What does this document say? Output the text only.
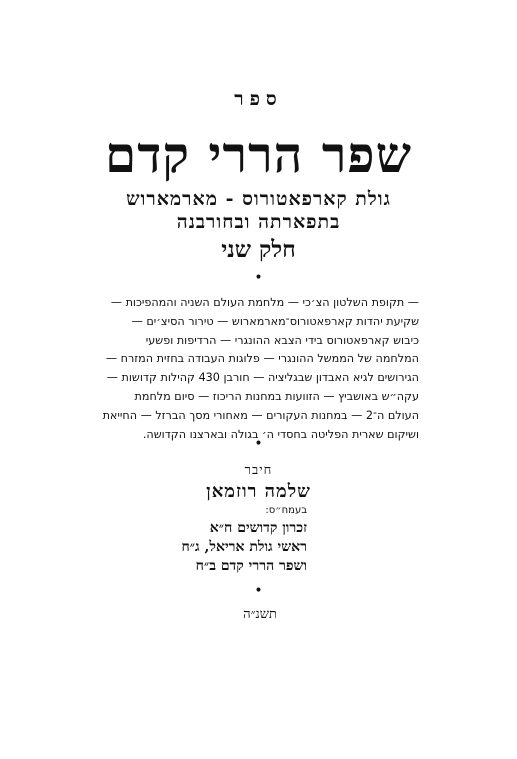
ספר
שפר הררי קדם
גולת קארפאטורוס - מארמארוש
בתפארתה ובחורבנה
חלק שני
•
— תקופת השלטון הצ׳כי — מלחמת העולם השניה והמהפיכות —
שקיעת יהדות קארפאטורוס־מארמארוש — טירור הסיצ׳ים —
כיבוש קארפאטורוס בידי הצבא ההונגרי — הרדיפות ופשעי
המלחמה של הממשל ההונגרי — פלוגות העבודה בחזית המזרח —
הגירושים לגיא האבדון שבגליציה — חורבן 430 קהילות קדושות —
עקה״ש באושביץ — הזוועות במחנות הריכוז — סיום מלחמת
העולם ה־2 — במחנות העקורים — מאחורי מסך הברזל — החייאת
ושיקום שארית הפליטה בחסדי ה׳ בגולה ובארצנו הקדושה.
•
חיבר
שלמה רוזמאן
בעמח״ס:
זכרון קדושים ח״א
ראשי גולת אריאל, ג״ח
ושפר הררי קדם ב״ח
•
תשנ״ה
